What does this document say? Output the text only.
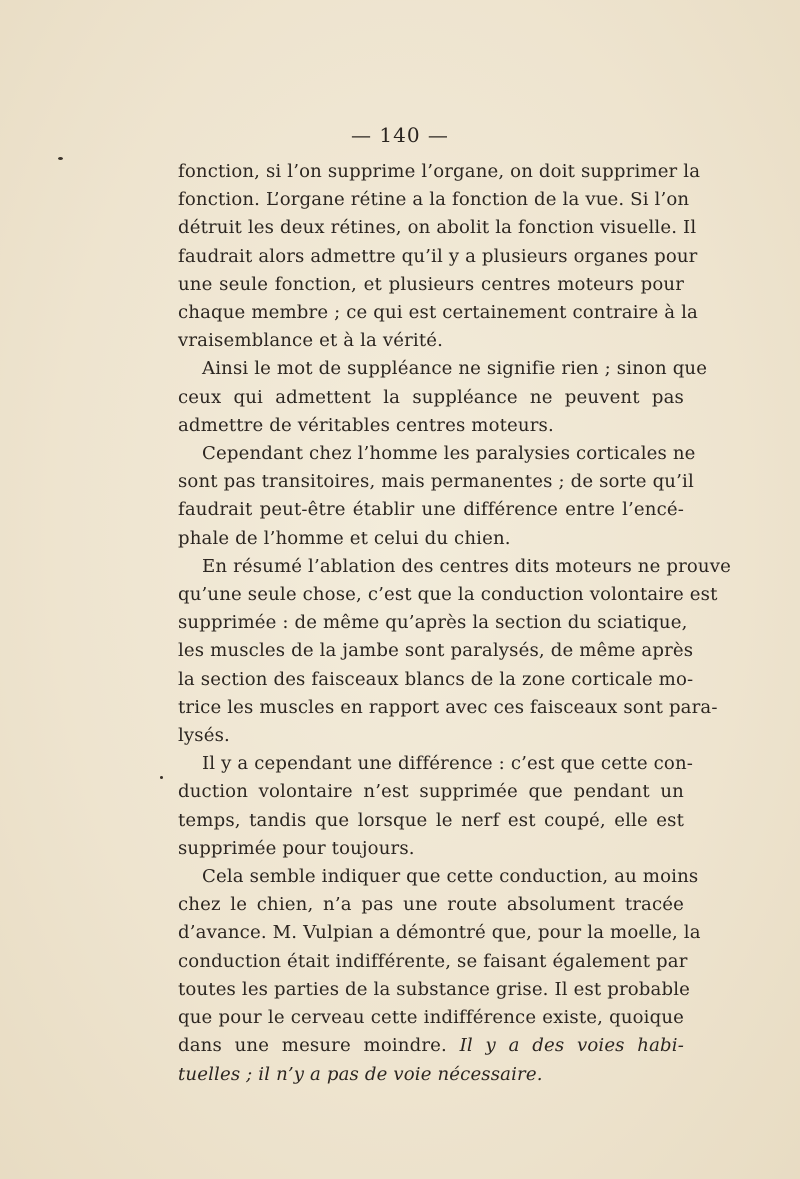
— 140 —
fonction, si l’on supprime l’organe, on doit supprimer la
fonction. L’organe rétine a la fonction de la vue. Si l’on
détruit les deux rétines, on abolit la fonction visuelle. Il
faudrait alors admettre qu’il y a plusieurs organes pour
une seule fonction, et plusieurs centres moteurs pour
chaque membre ; ce qui est certainement contraire à la
vraisemblance et à la vérité.
Ainsi le mot de suppléance ne signifie rien ; sinon que
ceux qui admettent la suppléance ne peuvent pas
admettre de véritables centres moteurs.
Cependant chez l’homme les paralysies corticales ne
sont pas transitoires, mais permanentes ; de sorte qu’il
faudrait peut-être établir une différence entre l’encé-
phale de l’homme et celui du chien.
En résumé l’ablation des centres dits moteurs ne prouve
qu’une seule chose, c’est que la conduction volontaire est
supprimée : de même qu’après la section du sciatique,
les muscles de la jambe sont paralysés, de même après
la section des faisceaux blancs de la zone corticale mo-
trice les muscles en rapport avec ces faisceaux sont para-
lysés.
Il y a cependant une différence : c’est que cette con-
duction volontaire n’est supprimée que pendant un
temps, tandis que lorsque le nerf est coupé, elle est
supprimée pour toujours.
Cela semble indiquer que cette conduction, au moins
chez le chien, n’a pas une route absolument tracée
d’avance. M. Vulpian a démontré que, pour la moelle, la
conduction était indifférente, se faisant également par
toutes les parties de la substance grise. Il est probable
que pour le cerveau cette indifférence existe, quoique
dans une mesure moindre. Il y a des voies habi-
tuelles ; il n’y a pas de voie nécessaire.
